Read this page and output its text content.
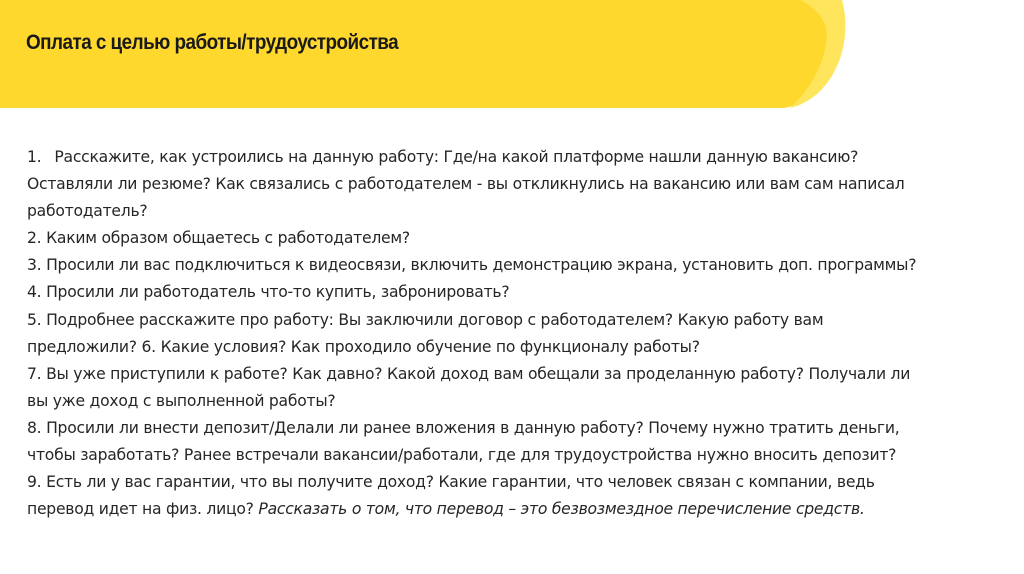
Оплата с целью работы/трудоустройства
1. Расскажите, как устроились на данную работу: Где/на какой платформе нашли данную вакансию?
Оставляли ли резюме? Как связались с работодателем - вы откликнулись на вакансию или вам сам написал
работодатель?
2. Каким образом общаетесь с работодателем?
3. Просили ли вас подключиться к видеосвязи, включить демонстрацию экрана, установить доп. программы?
4. Просили ли работодатель что-то купить, забронировать?
5. Подробнее расскажите про работу: Вы заключили договор с работодателем? Какую работу вам
предложили? 6. Какие условия? Как проходило обучение по функционалу работы?
7. Вы уже приступили к работе? Как давно? Какой доход вам обещали за проделанную работу? Получали ли
вы уже доход с выполненной работы?
8. Просили ли внести депозит/Делали ли ранее вложения в данную работу? Почему нужно тратить деньги,
чтобы заработать? Ранее встречали вакансии/работали, где для трудоустройства нужно вносить депозит?
9. Есть ли у вас гарантии, что вы получите доход? Какие гарантии, что человек связан с компании, ведь
перевод идет на физ. лицо? Рассказать о том, что перевод – это безвозмездное перечисление средств.
